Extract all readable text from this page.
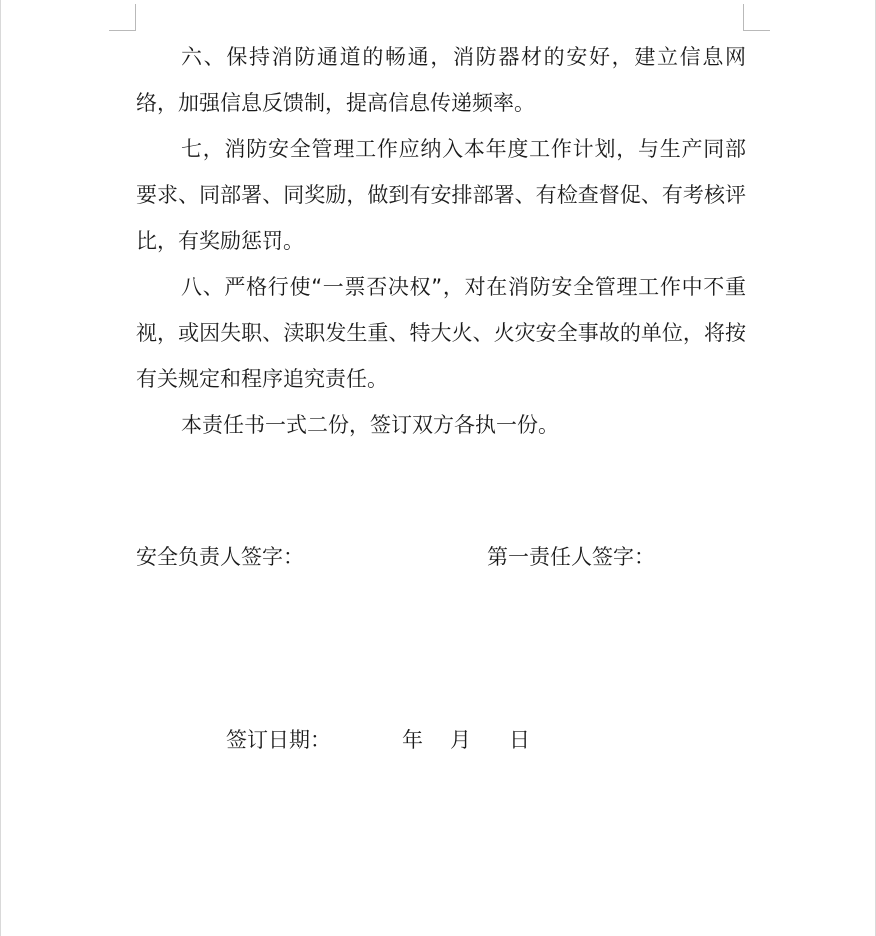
六、保持消防通道的畅通，消防器材的安好，建立信息网络，加强信息反馈制，提高信息传递频率。

七，消防安全管理工作应纳入本年度工作计划，与生产同部要求、同部署、同奖励，做到有安排部署、有检查督促、有考核评比，有奖励惩罚。

八、严格行使“一票否决权”，对在消防安全管理工作中不重视，或因失职、渎职发生重、特大火、火灾安全事故的单位，将按有关规定和程序追究责任。

本责任书一式二份，签订双方各执一份。

安全负责人签字：	第一责任人签字：
签订日期：	年 月 日
